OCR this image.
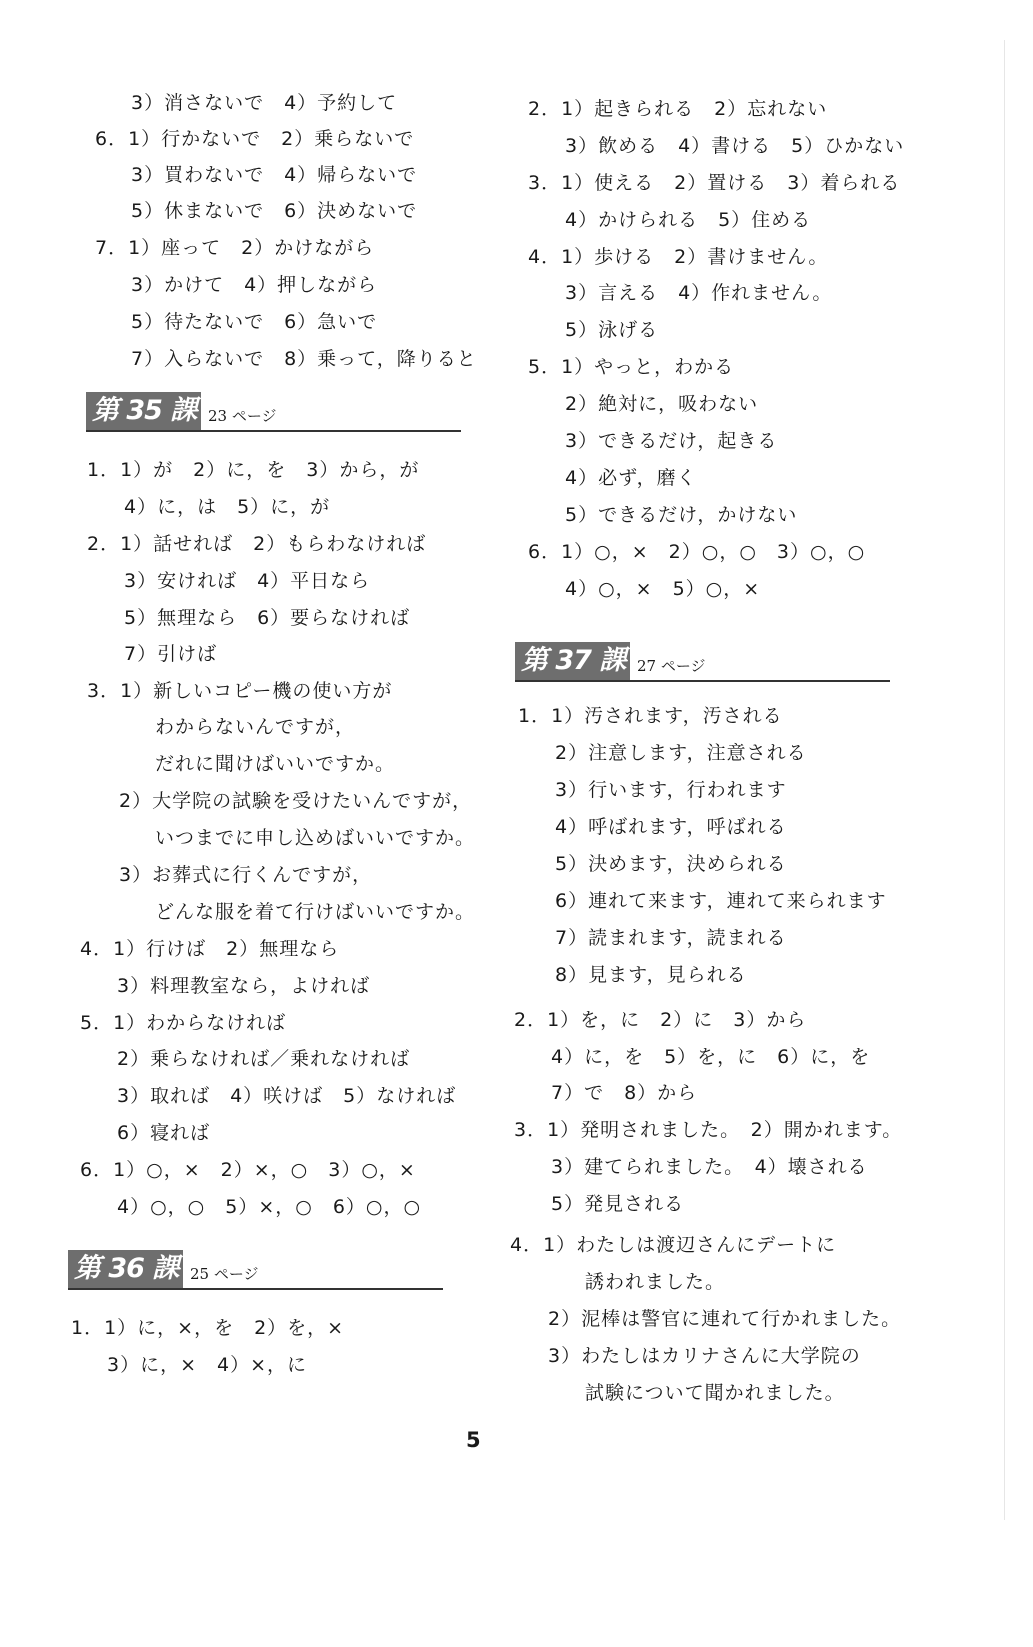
3）消さないで　4）予約して
6．1）行かないで　2）乗らないで
3）買わないで　4）帰らないで
5）休まないで　6）決めないで
7．1）座って　2）かけながら
3）かけて　4）押しながら
5）待たないで　6）急いで
7）入らないで　8）乗って，降りると
第 35 課 23 ページ
1．1）が　2）に，を　3）から，が
4）に，は　5）に，が
2．1）話せれば　2）もらわなければ
3）安ければ　4）平日なら
5）無理なら　6）要らなければ
7）引けば
3．1）新しいコピー機の使い方が
わからないんですが，
だれに聞けばいいですか。
2）大学院の試験を受けたいんですが，
いつまでに申し込めばいいですか。
3）お葬式に行くんですが，
どんな服を着て行けばいいですか。
4．1）行けば　2）無理なら
3）料理教室なら，よければ
5．1）わからなければ
2）乗らなければ／乗れなければ
3）取れば　4）咲けば　5）なければ
6）寝れば
6．1）○，×　2）×，○　3）○，×
4）○，○　5）×，○　6）○，○
第 36 課 25 ページ
1．1）に，×，を　2）を，×
3）に，×　4）×，に
2．1）起きられる　2）忘れない
3）飲める　4）書ける　5）ひかない
3．1）使える　2）置ける　3）着られる
4）かけられる　5）住める
4．1）歩ける　2）書けません。
3）言える　4）作れません。
5）泳げる
5．1）やっと，わかる
2）絶対に，吸わない
3）できるだけ，起きる
4）必ず，磨く
5）できるだけ，かけない
6．1）○，×　2）○，○　3）○，○
4）○，×　5）○，×
第 37 課 27 ページ
1．1）汚されます，汚される
2）注意します，注意される
3）行います，行われます
4）呼ばれます，呼ばれる
5）決めます，決められる
6）連れて来ます，連れて来られます
7）読まれます，読まれる
8）見ます，見られる
2．1）を，に　2）に　3）から
4）に，を　5）を，に　6）に，を
7）で　8）から
3．1）発明されました。　2）開かれます。
3）建てられました。　4）壊される
5）発見される
4．1）わたしは渡辺さんにデートに
誘われました。
2）泥棒は警官に連れて行かれました。
3）わたしはカリナさんに大学院の
試験について聞かれました。
5
